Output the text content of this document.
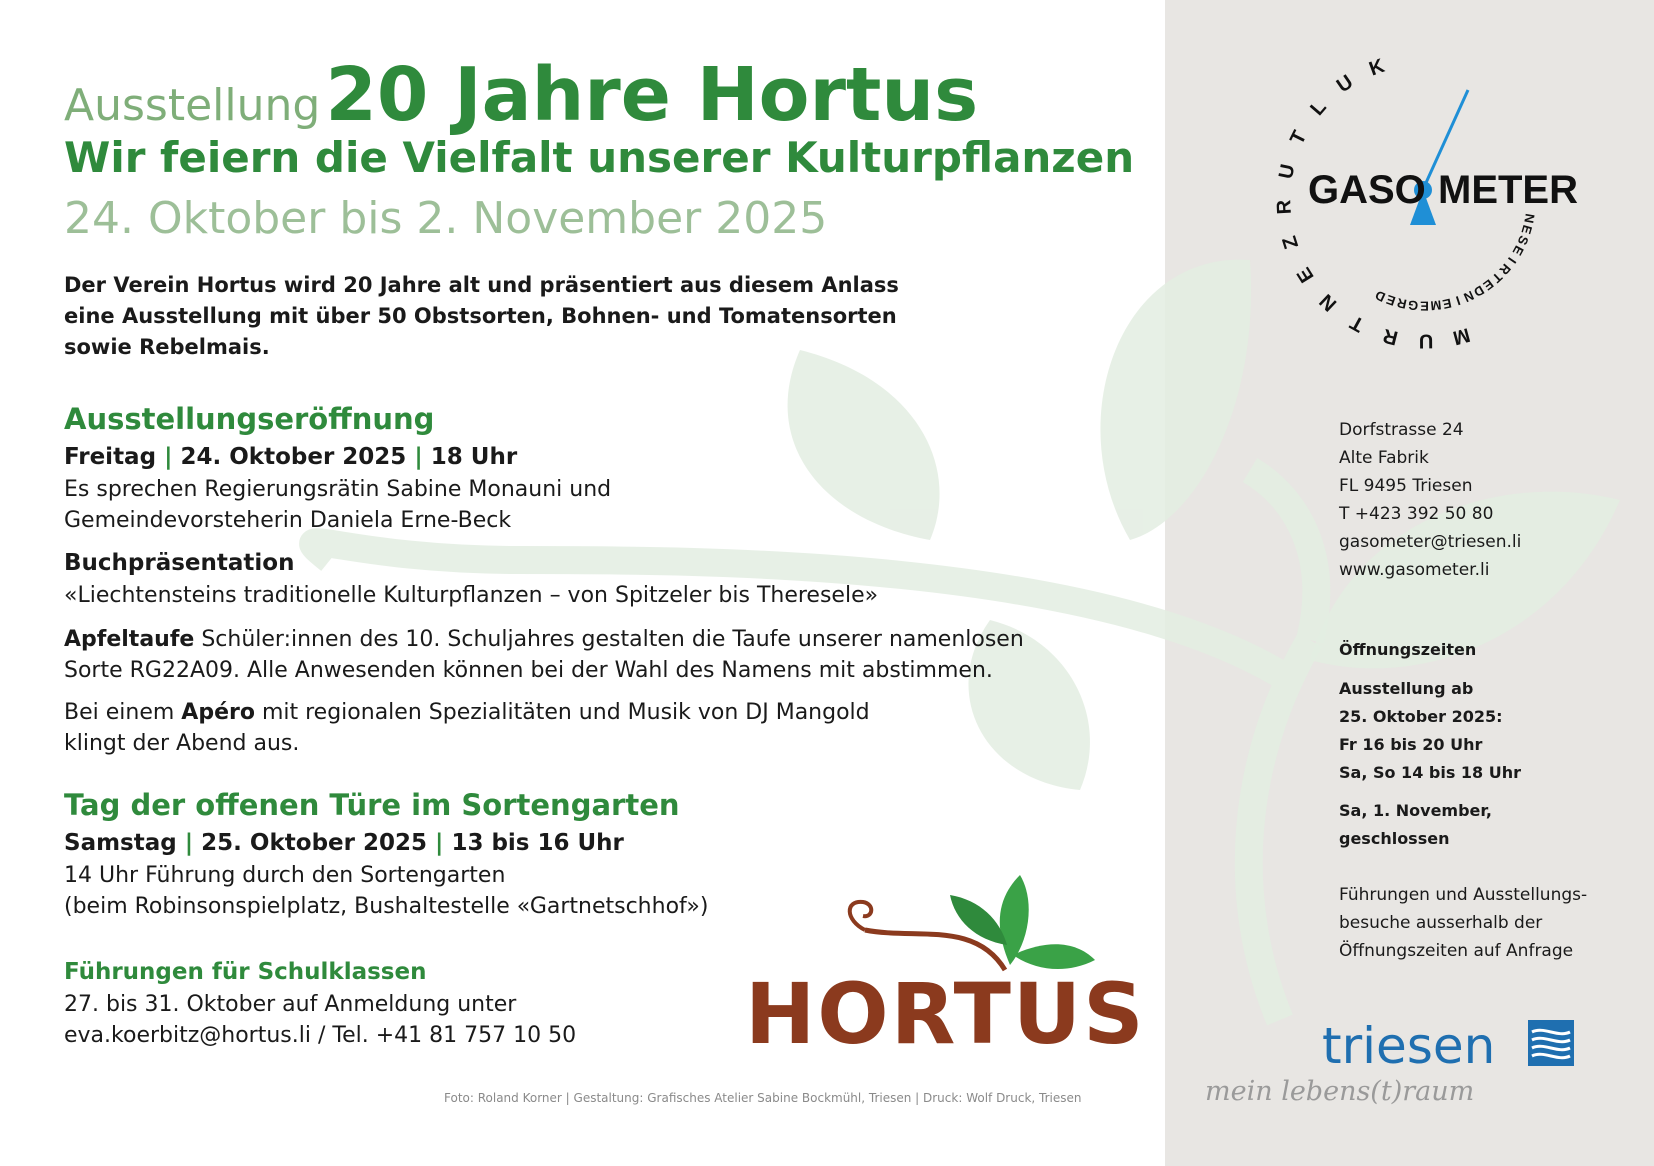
Ausstellung 20 Jahre Hortus
Wir feiern die Vielfalt unserer Kulturpflanzen
24. Oktober bis 2. November 2025
Der Verein Hortus wird 20 Jahre alt und präsentiert aus diesem Anlass
eine Ausstellung mit über 50 Obstsorten, Bohnen- und Tomatensorten
sowie Rebelmais.
Ausstellungseröffnung
Freitag | 24. Oktober 2025 | 18 Uhr
Es sprechen Regierungsrätin Sabine Monauni und
Gemeindevorsteherin Daniela Erne-Beck
Buchpräsentation
«Liechtensteins traditionelle Kulturpflanzen – von Spitzeler bis Theresele»
Apfeltaufe Schüler:innen des 10. Schuljahres gestalten die Taufe unserer namenlosen
Sorte RG22A09. Alle Anwesenden können bei der Wahl des Namens mit abstimmen.
Bei einem Apéro mit regionalen Spezialitäten und Musik von DJ Mangold
klingt der Abend aus.
Tag der offenen Türe im Sortengarten
Samstag | 25. Oktober 2025 | 13 bis 16 Uhr
14 Uhr Führung durch den Sortengarten
(beim Robinsonspielplatz, Bushaltestelle «Gartnetschhof»)
Führungen für Schulklassen
27. bis 31. Oktober auf Anmeldung unter
eva.koerbitz@hortus.li / Tel. +41 81 757 10 50 HORTUS
Foto: Roland Korner | Gestaltung: Grafisches Atelier Sabine Bockmühl, Triesen | Druck: Wolf Druck, Triesen
K
U
L
T
U
R
Z
E
N
T
R U M
D
E
R G E M E I N
D
E
T
R
I
E
S
E
N
GASO METER
Dorfstrasse 24
Alte Fabrik
FL 9495 Triesen
T +423 392 50 80
gasometer@triesen.li
www.gasometer.li
Öffnungszeiten
Ausstellung ab
25. Oktober 2025:
Fr 16 bis 20 Uhr
Sa, So 14 bis 18 Uhr
Sa, 1. November,
geschlossen
Führungen und Ausstellungs-
besuche ausserhalb der
Öffnungszeiten auf Anfrage
triesen
mein lebens(t)raum
